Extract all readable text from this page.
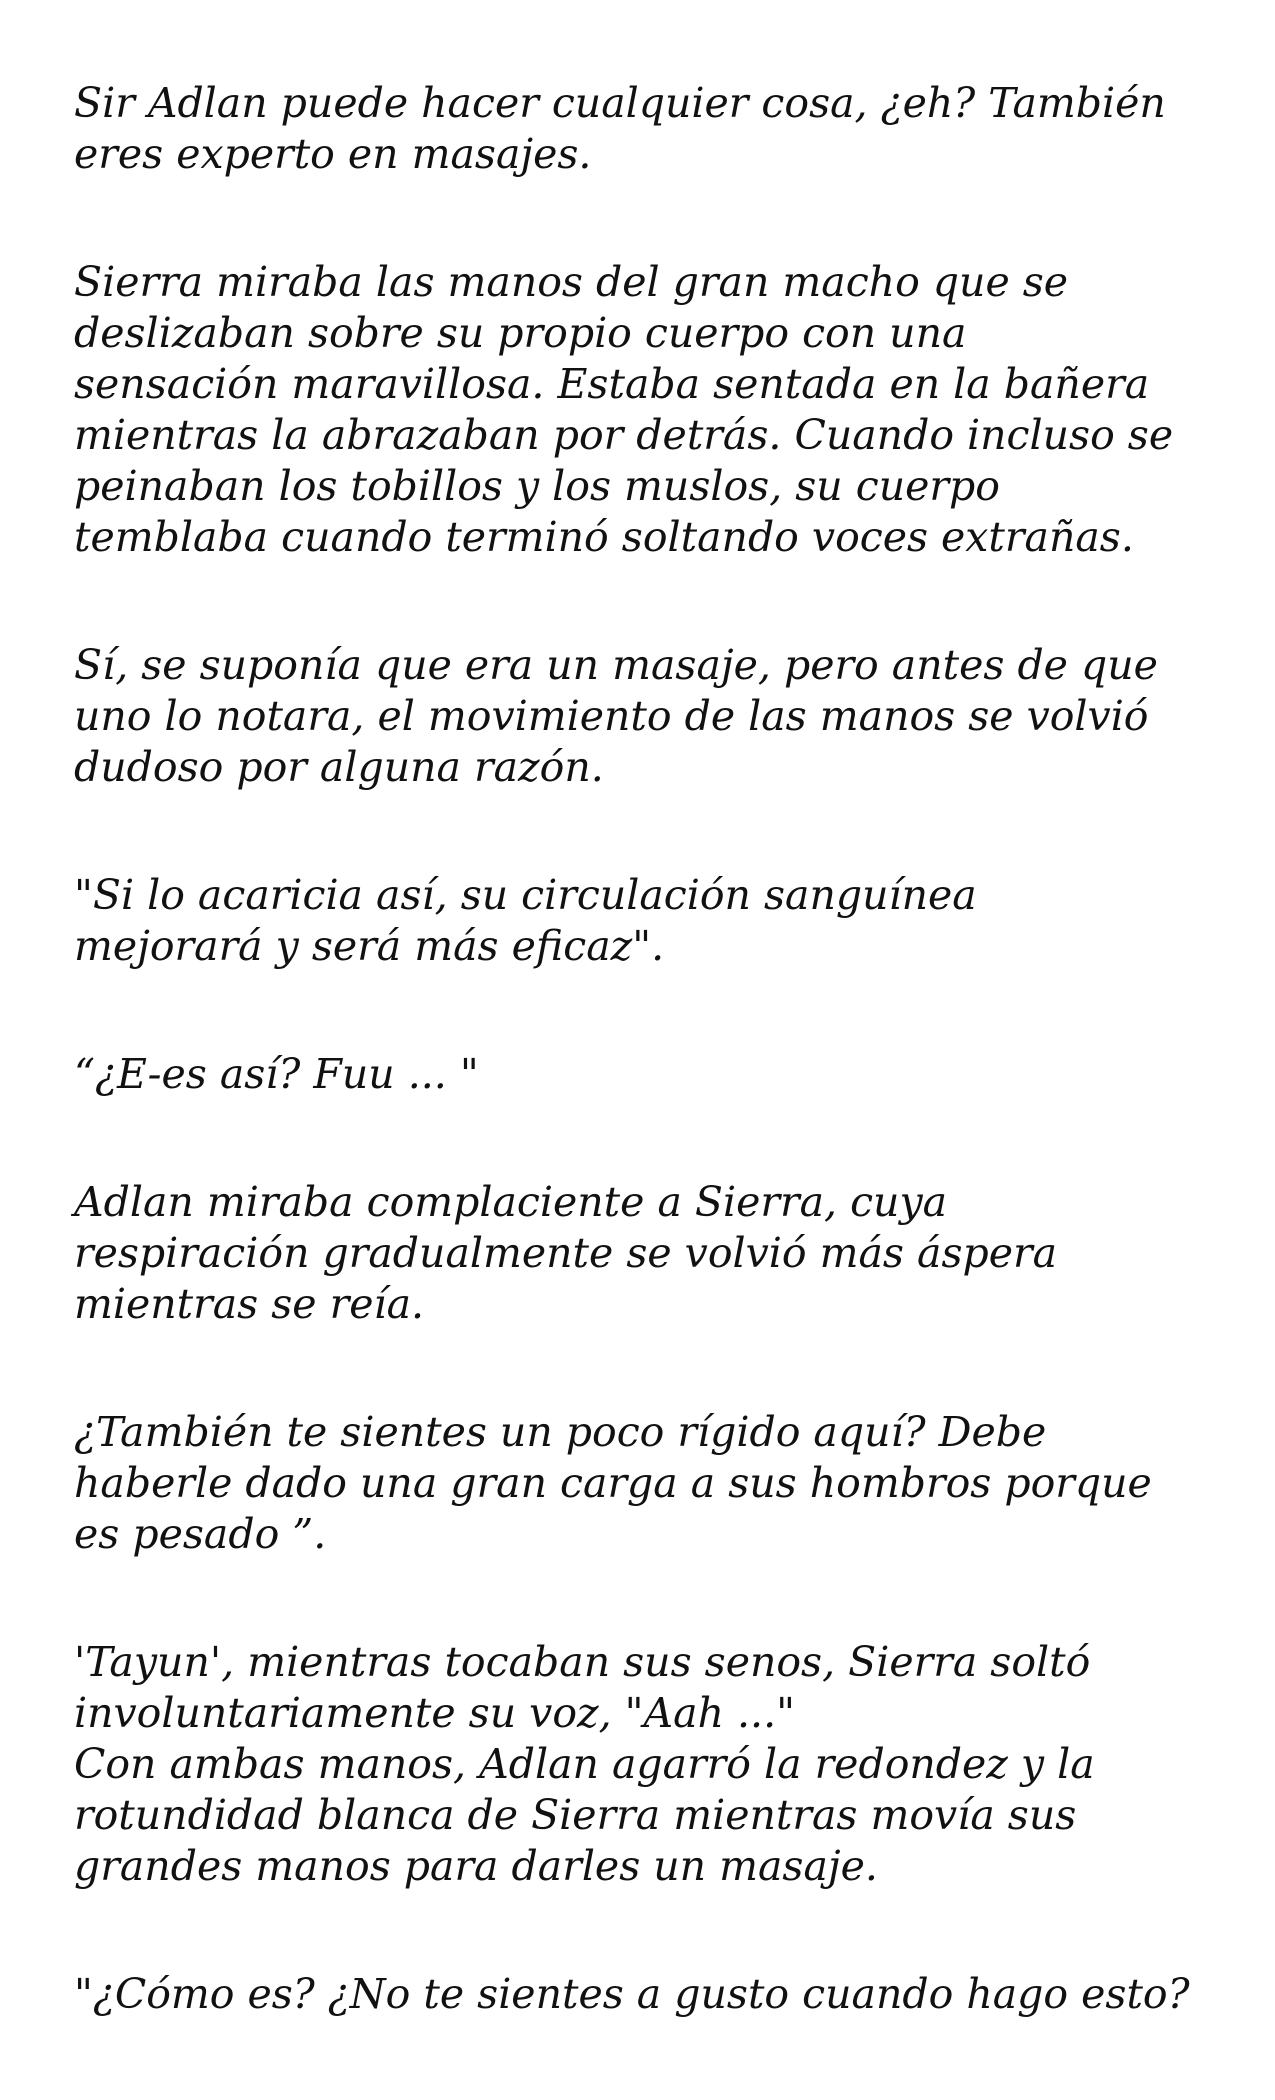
Sir Adlan puede hacer cualquier cosa, ¿eh? También
eres experto en masajes.

Sierra miraba las manos del gran macho que se
deslizaban sobre su propio cuerpo con una
sensación maravillosa. Estaba sentada en la bañera
mientras la abrazaban por detrás. Cuando incluso se
peinaban los tobillos y los muslos, su cuerpo
temblaba cuando terminó soltando voces extrañas.

Sí, se suponía que era un masaje, pero antes de que
uno lo notara, el movimiento de las manos se volvió
dudoso por alguna razón.

"Si lo acaricia así, su circulación sanguínea
mejorará y será más eficaz".

“¿E-es así? Fuu ... "

Adlan miraba complaciente a Sierra, cuya
respiración gradualmente se volvió más áspera
mientras se reía.

¿También te sientes un poco rígido aquí? Debe
haberle dado una gran carga a sus hombros porque
es pesado ”.

'Tayun', mientras tocaban sus senos, Sierra soltó
involuntariamente su voz, "Aah ..."
Con ambas manos, Adlan agarró la redondez y la
rotundidad blanca de Sierra mientras movía sus
grandes manos para darles un masaje.

"¿Cómo es? ¿No te sientes a gusto cuando hago esto?
